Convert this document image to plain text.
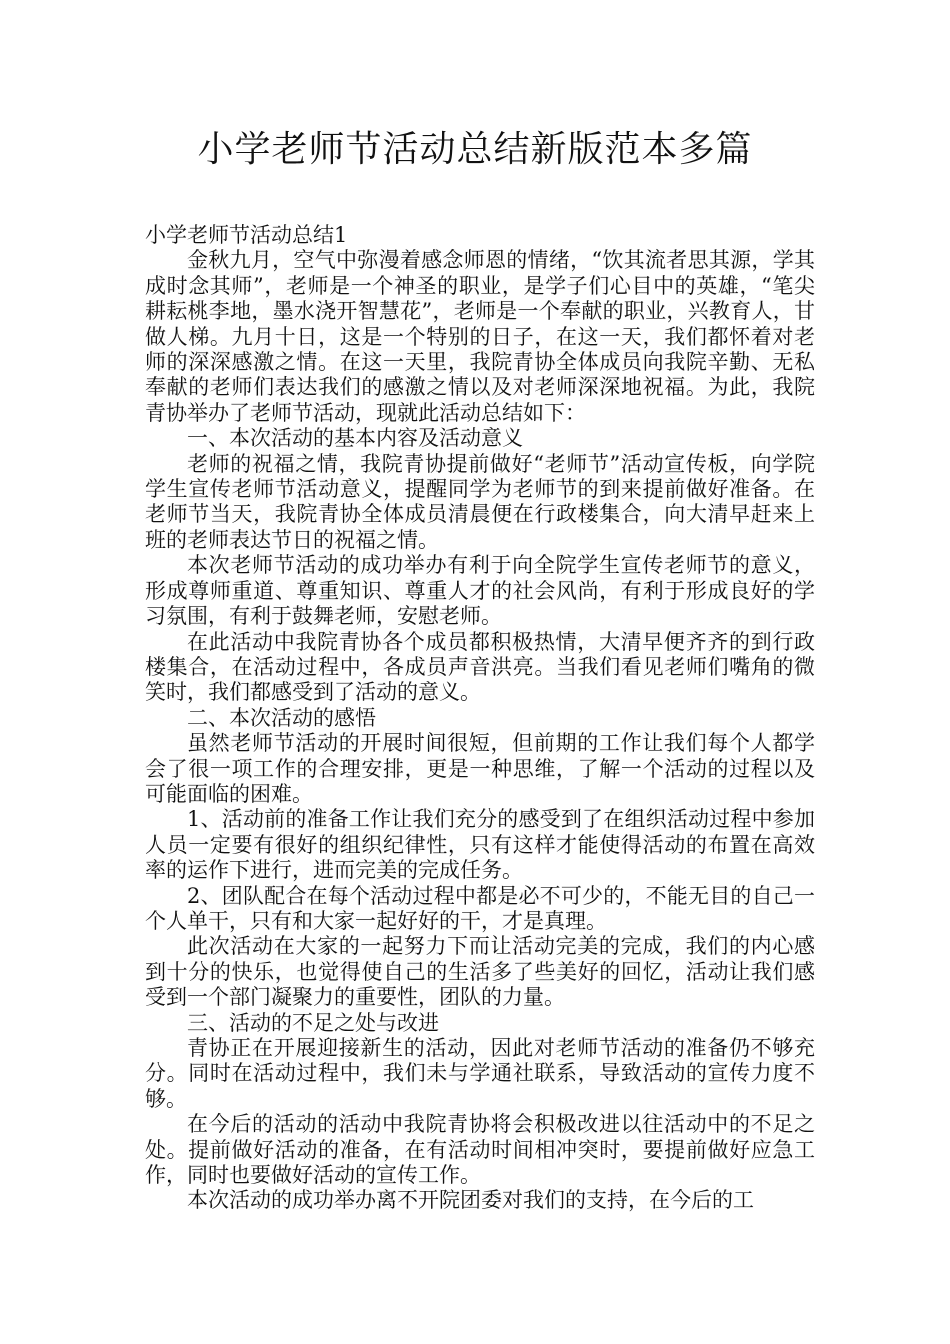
小学老师节活动总结新版范本多篇

小学老师节活动总结1

金秋九月，空气中弥漫着感念师恩的情绪，“饮其流者思其源，学其成时念其师”，老师是一个神圣的职业，是学子们心目中的英雄，“笔尖耕耘桃李地，墨水浇开智慧花”，老师是一个奉献的职业，兴教育人，甘做人梯。九月十日，这是一个特别的日子，在这一天，我们都怀着对老师的深深感激之情。在这一天里，我院青协全体成员向我院辛勤、无私奉献的老师们表达我们的感激之情以及对老师深深地祝福。为此，我院青协举办了老师节活动，现就此活动总结如下：

一、本次活动的基本内容及活动意义

老师的祝福之情，我院青协提前做好“老师节”活动宣传板，向学院学生宣传老师节活动意义，提醒同学为老师节的到来提前做好准备。在老师节当天，我院青协全体成员清晨便在行政楼集合，向大清早赶来上班的老师表达节日的祝福之情。

本次老师节活动的成功举办有利于向全院学生宣传老师节的意义，形成尊师重道、尊重知识、尊重人才的社会风尚，有利于形成良好的学习氛围，有利于鼓舞老师，安慰老师。

在此活动中我院青协各个成员都积极热情，大清早便齐齐的到行政楼集合，在活动过程中，各成员声音洪亮。当我们看见老师们嘴角的微笑时，我们都感受到了活动的意义。

二、本次活动的感悟

虽然老师节活动的开展时间很短，但前期的工作让我们每个人都学会了很一项工作的合理安排，更是一种思维，了解一个活动的过程以及可能面临的困难。

1、活动前的准备工作让我们充分的感受到了在组织活动过程中参加人员一定要有很好的组织纪律性，只有这样才能使得活动的布置在高效率的运作下进行，进而完美的完成任务。

2、团队配合在每个活动过程中都是必不可少的，不能无目的自己一个人单干，只有和大家一起好好的干，才是真理。

此次活动在大家的一起努力下而让活动完美的完成，我们的内心感到十分的快乐，也觉得使自己的生活多了些美好的回忆，活动让我们感受到一个部门凝聚力的重要性，团队的力量。

三、活动的不足之处与改进

青协正在开展迎接新生的活动，因此对老师节活动的准备仍不够充分。同时在活动过程中，我们未与学通社联系，导致活动的宣传力度不够。

在今后的活动的活动中我院青协将会积极改进以往活动中的不足之处。提前做好活动的准备，在有活动时间相冲突时，要提前做好应急工作，同时也要做好活动的宣传工作。

本次活动的成功举办离不开院团委对我们的支持，在今后的工
